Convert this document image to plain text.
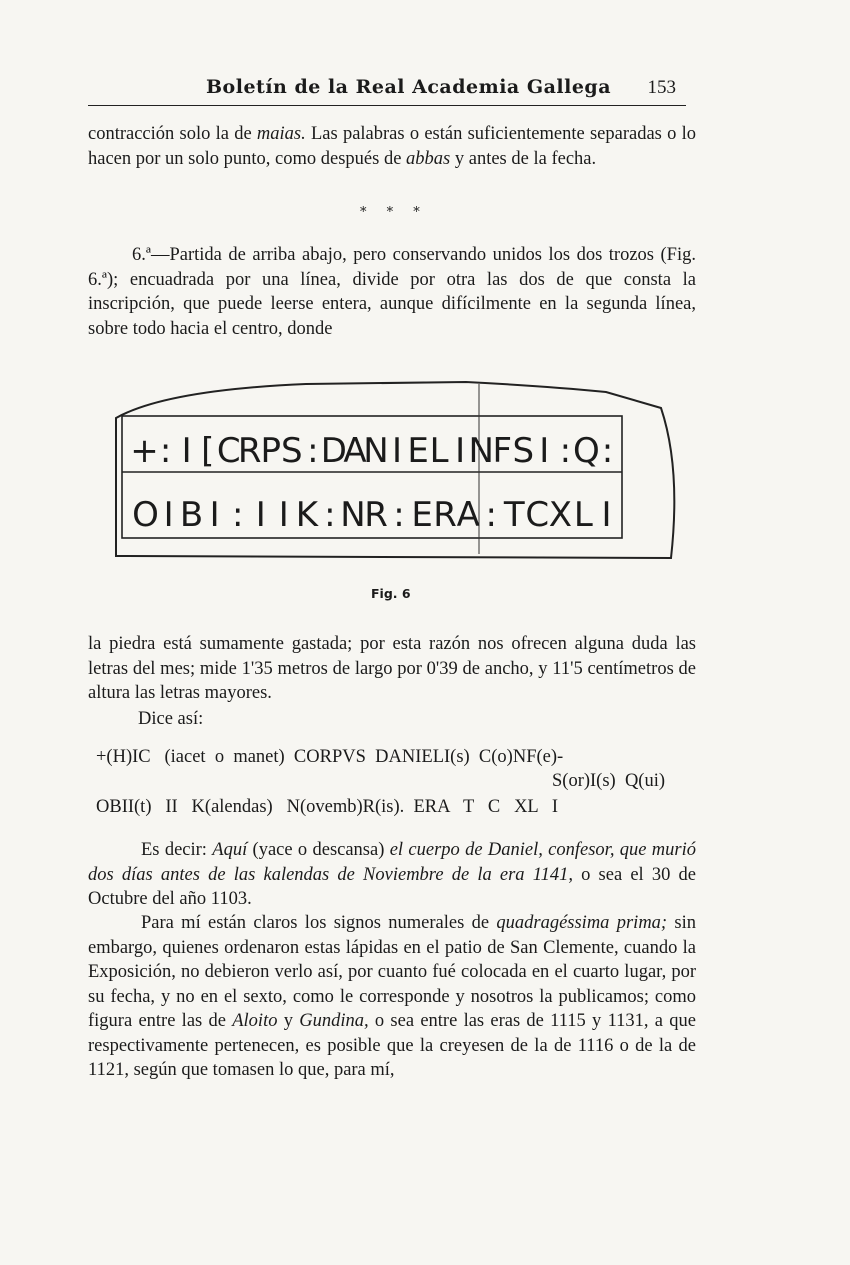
Boletín de la Real Academia Gallega 153

contracción solo la de maias. Las palabras o están suficientemente separadas o lo hacen por un solo punto, como después de abbas y antes de la fecha.

* * *

6.ª—Partida de arriba abajo, pero conservando unidos los dos trozos (Fig. 6.ª); encuadrada por una línea, divide por otra las dos de que consta la inscripción, que puede leerse entera, aunque difícilmente en la segunda línea, sobre todo hacia el centro, donde

+ : I [ C
R P S : D
A
N I E L I N
F S I : Q :
O I B I : I I K : N
R : E R A : T C X L I
Fig. 6

la piedra está sumamente gastada; por esta razón nos ofrecen alguna duda las letras del mes; mide 1'35 metros de largo por 0'39 de ancho, y 11'5 centímetros de altura las letras mayores.

Dice así:

+(H)IC   (iacet  o  manet)  CORPVS  DANIELI(s)  C(o)NF(e)-
S(or)I(s)  Q(ui)
OBII(t)   II   K(alendas)   N(ovemb)R(is).  ERA   T   C   XL   I

Es decir: Aquí (yace o descansa) el cuerpo de Daniel, confesor, que murió dos días antes de las kalendas de Noviembre de la era 1141, o sea el 30 de Octubre del año 1103.

Para mí están claros los signos numerales de quadragéssima prima; sin embargo, quienes ordenaron estas lápidas en el patio de San Clemente, cuando la Exposición, no debieron verlo así, por cuanto fué colocada en el cuarto lugar, por su fecha, y no en el sexto, como le corresponde y nosotros la publicamos; como figura entre las de Aloito y Gundina, o sea entre las eras de 1115 y 1131, a que respectivamente pertenecen, es posible que la creyesen de la de 1116 o de la de 1121, según que tomasen lo que, para mí,
